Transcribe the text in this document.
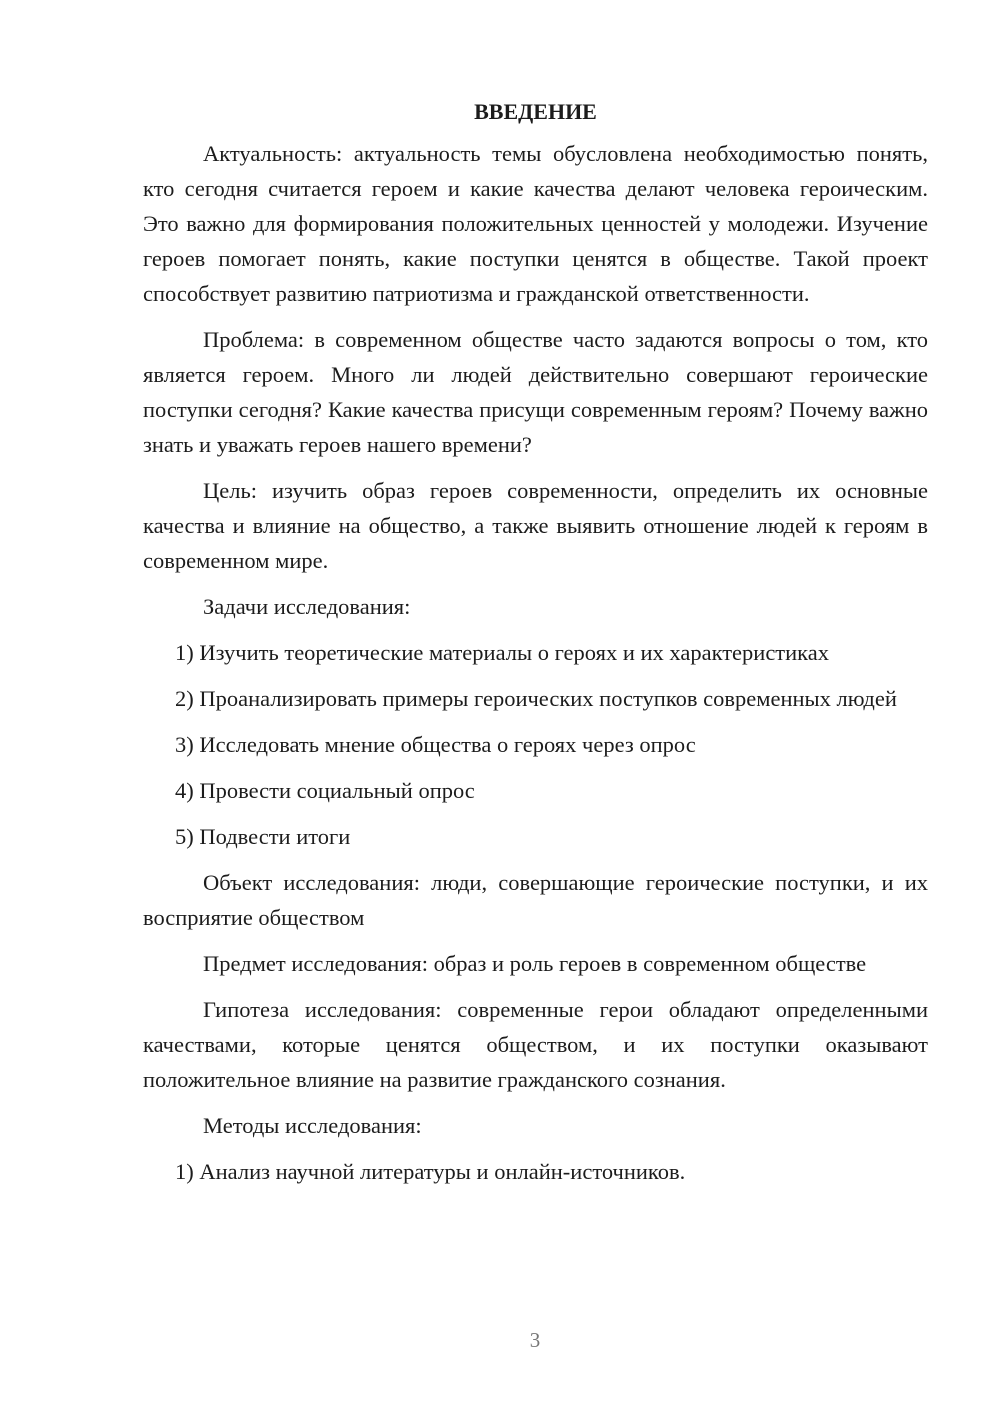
ВВЕДЕНИЕ
Актуальность: актуальность темы обусловлена необходимостью понять, кто сегодня считается героем и какие качества делают человека героическим. Это важно для формирования положительных ценностей у молодежи. Изучение героев помогает понять, какие поступки ценятся в обществе. Такой проект способствует развитию патриотизма и гражданской ответственности.
Проблема: в современном обществе часто задаются вопросы о том, кто является героем. Много ли людей действительно совершают героические поступки сегодня? Какие качества присущи современным героям? Почему важно знать и уважать героев нашего времени?
Цель: изучить образ героев современности, определить их основные качества и влияние на общество, а также выявить отношение людей к героям в современном мире.
Задачи исследования:
1) Изучить теоретические материалы о героях и их характеристиках
2) Проанализировать примеры героических поступков современных людей
3) Исследовать мнение общества о героях через опрос
4) Провести социальный опрос
5) Подвести итоги
Объект исследования: люди, совершающие героические поступки, и их восприятие обществом
Предмет исследования: образ и роль героев в современном обществе
Гипотеза исследования: современные герои обладают определенными качествами, которые ценятся обществом, и их поступки оказывают положительное влияние на развитие гражданского сознания.
Методы исследования:
1) Анализ научной литературы и онлайн-источников.
3
